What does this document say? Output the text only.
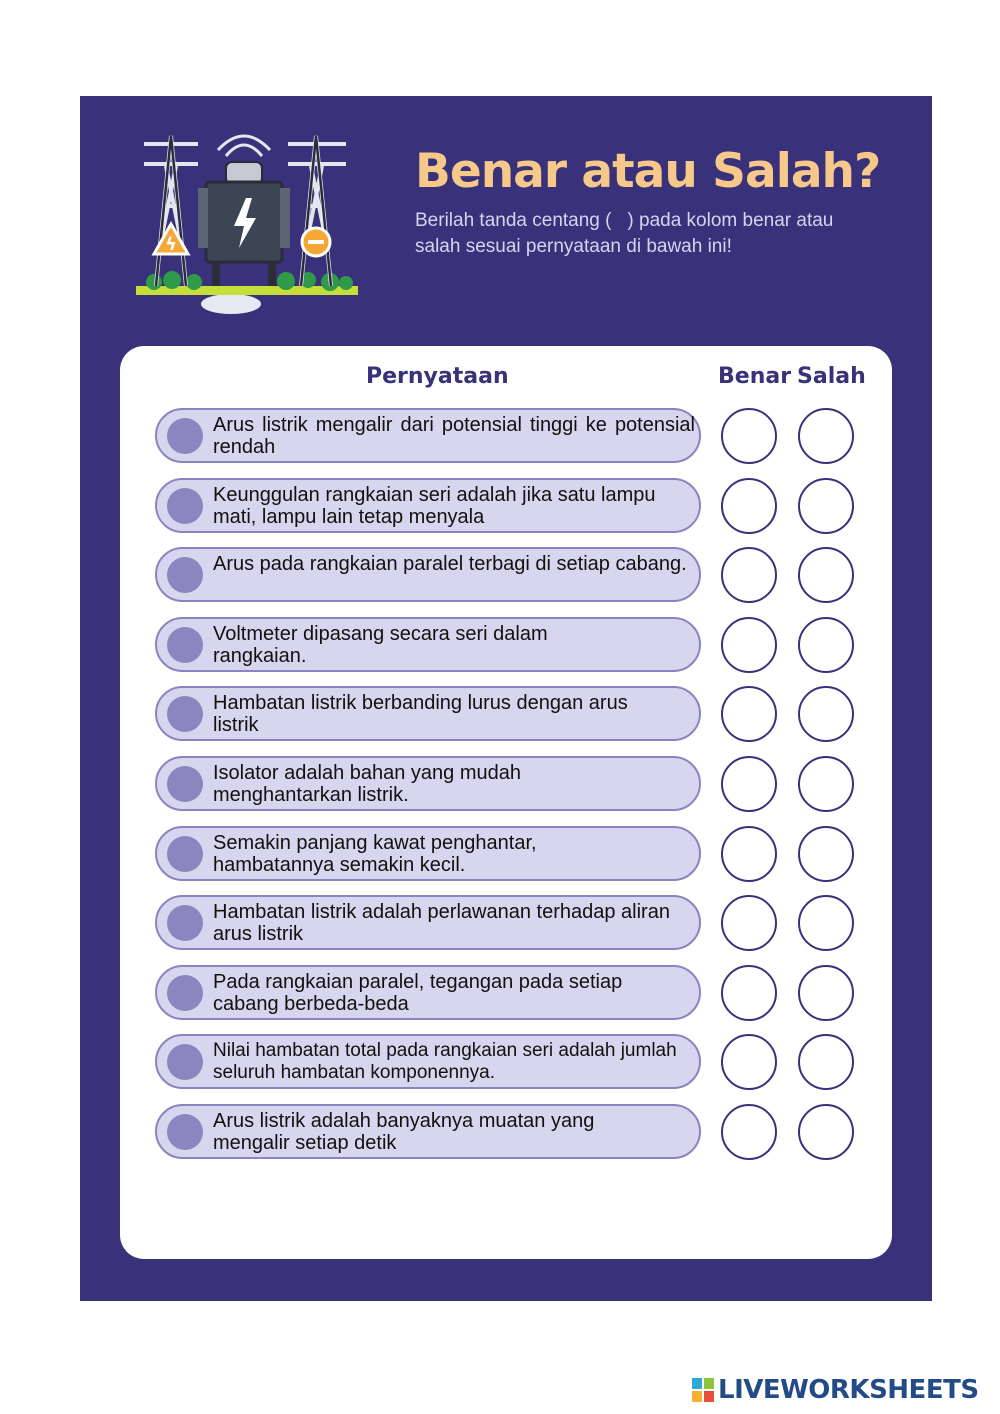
ϟ
Benar atau Salah?
Berilah tanda centang (✓) pada kolom benar atau salah sesuai pernyataan di bawah ini!
Pernyataan	Benar Salah
Arus listrik mengalir dari potensial tinggi ke potensial rendah
Keunggulan rangkaian seri adalah jika satu lampu mati, lampu lain tetap menyala
Arus pada rangkaian paralel terbagi di setiap cabang.
Voltmeter dipasang secara seri dalam rangkaian.
Hambatan listrik berbanding lurus dengan arus listrik
Isolator adalah bahan yang mudah menghantarkan listrik.
Semakin panjang kawat penghantar, hambatannya semakin kecil.
Hambatan listrik adalah perlawanan terhadap aliran arus listrik
Pada rangkaian paralel, tegangan pada setiap cabang berbeda-beda
Nilai hambatan total pada rangkaian seri adalah jumlah seluruh hambatan komponennya.
Arus listrik adalah banyaknya muatan yang mengalir setiap detik
LIVEWORKSHEETS
